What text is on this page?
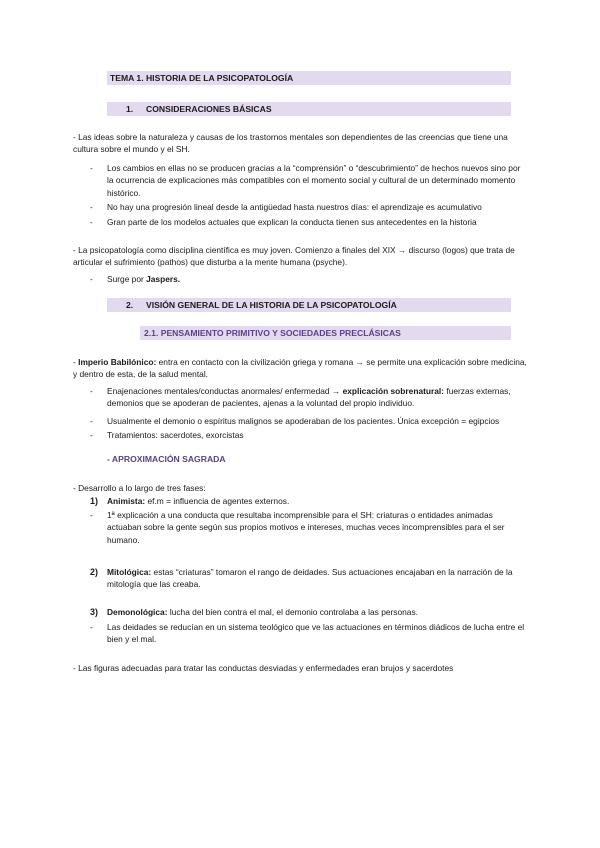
TEMA 1. HISTORIA DE LA PSICOPATOLOGÍA
1. CONSIDERACIONES BÁSICAS
- Las ideas sobre la naturaleza y causas de los trastornos mentales son dependientes de las creencias que tiene una cultura sobre el mundo y el SH.
- Los cambios en ellas no se producen gracias a la “comprensión” o “descubrimiento” de hechos nuevos sino por la ocurrencia de explicaciones más compatibles con el momento social y cultural de un determinado momento histórico.
- No hay una progresión lineal desde la antigüedad hasta nuestros días: el aprendizaje es acumulativo
- Gran parte de los modelos actuales que explican la conducta tienen sus antecedentes en la historia
- La psicopatología como disciplina científica es muy joven. Comienzo a finales del XIX → discurso (logos) que trata de articular el sufrimiento (pathos) que disturba a la mente humana (psyche).
- Surge por Jaspers.
2. VISIÓN GENERAL DE LA HISTORIA DE LA PSICOPATOLOGÍA
2.1. PENSAMIENTO PRIMITIVO Y SOCIEDADES PRECLÁSICAS
- Imperio Babilónico: entra en contacto con la civilización griega y romana → se permite una explicación sobre medicina, y dentro de esta, de la salud mental.
- Enajenaciones mentales/conductas anormales/ enfermedad → explicación sobrenatural: fuerzas externas, demonios que se apoderan de pacientes, ajenas a la voluntad del propio individuo.
- Usualmente el demonio o espíritus malignos se apoderaban de los pacientes. Única excepción = egipcios
- Tratamientos: sacerdotes, exorcistas
- APROXIMACIÓN SAGRADA
- Desarrollo a lo largo de tres fases:
1) Animista: ef.m = influencia de agentes externos.
- 1ª explicación a una conducta que resultaba incomprensible para el SH: criaturas o entidades animadas actuaban sobre la gente según sus propios motivos e intereses, muchas veces incomprensibles para el ser humano.
2) Mitológica: estas “criaturas” tomaron el rango de deidades. Sus actuaciones encajaban en la narración de la mitología que las creaba.
3) Demonológica: lucha del bien contra el mal, el demonio controlaba a las personas.
- Las deidades se reducían en un sistema teológico que ve las actuaciones en términos diádicos de lucha entre el bien y el mal.
- Las figuras adecuadas para tratar las conductas desviadas y enfermedades eran brujos y sacerdotes
